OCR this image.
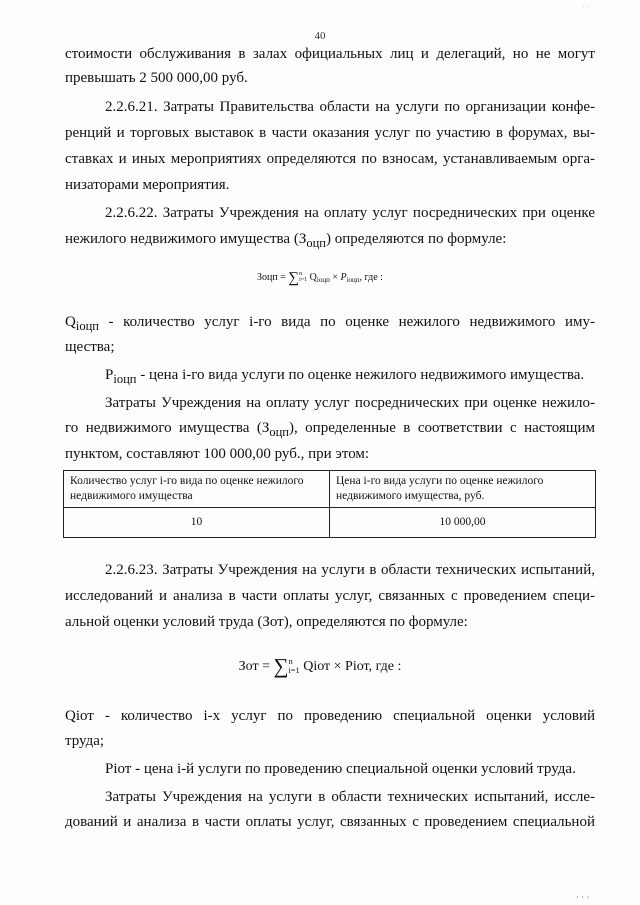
. .
40
стоимости обслуживания в залах официальных лиц и делегаций, но не могут
превышать 2 500 000,00 руб.
2.2.6.21. Затраты Правительства области на услуги по организации конфе-
ренций и торговых выставок в части оказания услуг по участию в форумах, вы-
ставках и иных мероприятиях определяются по взносам, устанавливаемым орга-
низаторами мероприятия.
2.2.6.22. Затраты Учреждения на оплату услуг посреднических при оценке
нежилого недвижимого имущества $(З_{оцп})$ определяются по формуле:
Зоцп = ∑ n
i=1 $Q_{iоцп} \times P_{iоцп}$, где :
$Q_{iоцп}$ - количество услуг i-го вида по оценке нежилого недвижимого иму-
щества;
$P_{iоцп}$ - цена i-го вида услуги по оценке нежилого недвижимого имущества.
Затраты Учреждения на оплату услуг посреднических при оценке нежило-
го недвижимого имущества $(З_{оцп})$, определенные в соответствии с настоящим
пунктом, составляют 100 000,00 руб., при этом:
Количество услуг i-го вида по оценке нежилого недвижимого имущества	Цена i-го вида услуги по оценке нежилого недвижимого имущества, руб.
10	10 000,00
2.2.6.23. Затраты Учреждения на услуги в области технических испытаний,
исследований и анализа в части оплаты услуг, связанных с проведением специ-
альной оценки условий труда (Зот), определяются по формуле:
Зот = ∑ n
i=1 Qiот × Piот, где :
Qiот - количество i-х услуг по проведению специальной оценки условий
труда;
Piот - цена i-й услуги по проведению специальной оценки условий труда.
Затраты Учреждения на услуги в области технических испытаний, иссле-
дований и анализа в части оплаты услуг, связанных с проведением специальной
,,,
